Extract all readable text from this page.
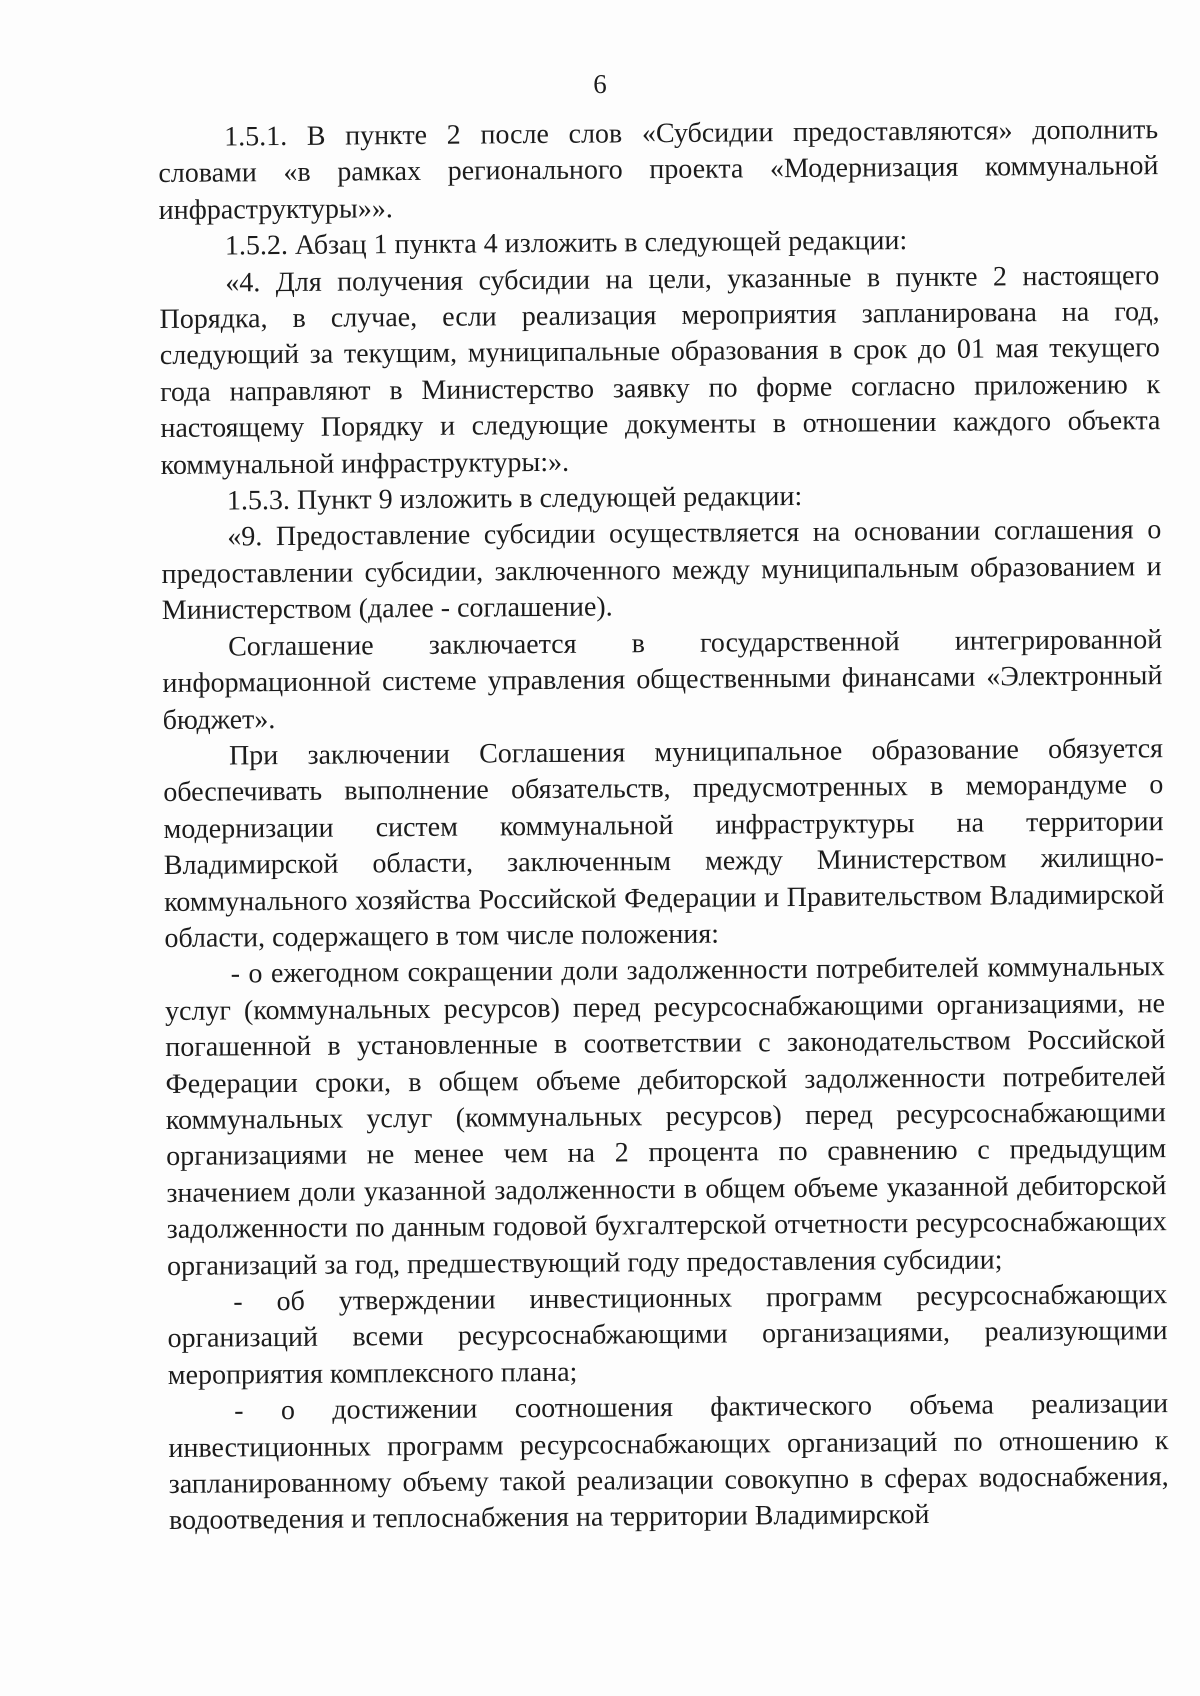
6

1.5.1. В пункте 2 после слов «Субсидии предоставляются» дополнить словами «в рамках регионального проекта «Модернизация коммунальной инфраструктуры»».

1.5.2. Абзац 1 пункта 4 изложить в следующей редакции:

«4. Для получения субсидии на цели, указанные в пункте 2 настоящего Порядка, в случае, если реализация мероприятия запланирована на год, следующий за текущим, муниципальные образования в срок до 01 мая текущего года направляют в Министерство заявку по форме согласно приложению к настоящему Порядку и следующие документы в отношении каждого объекта коммунальной инфраструктуры:».

1.5.3. Пункт 9 изложить в следующей редакции:

«9. Предоставление субсидии осуществляется на основании соглашения о предоставлении субсидии, заключенного между муниципальным образованием и Министерством (далее - соглашение).

Соглашение заключается в государственной интегрированной информационной системе управления общественными финансами «Электронный бюджет».

При заключении Соглашения муниципальное образование обязуется обеспечивать выполнение обязательств, предусмотренных в меморандуме о модернизации систем коммунальной инфраструктуры на территории Владимирской области, заключенным между Министерством жилищно-коммунального хозяйства Российской Федерации и Правительством Владимирской области, содержащего в том числе положения:

- о ежегодном сокращении доли задолженности потребителей коммунальных услуг (коммунальных ресурсов) перед ресурсоснабжающими организациями, не погашенной в установленные в соответствии с законодательством Российской Федерации сроки, в общем объеме дебиторской задолженности потребителей коммунальных услуг (коммунальных ресурсов) перед ресурсоснабжающими организациями не менее чем на 2 процента по сравнению с предыдущим значением доли указанной задолженности в общем объеме указанной дебиторской задолженности по данным годовой бухгалтерской отчетности ресурсоснабжающих организаций за год, предшествующий году предоставления субсидии;

- об утверждении инвестиционных программ ресурсоснабжающих организаций всеми ресурсоснабжающими организациями, реализующими мероприятия комплексного плана;

- о достижении соотношения фактического объема реализации инвестиционных программ ресурсоснабжающих организаций по отношению к запланированному объему такой реализации совокупно в сферах водоснабжения, водоотведения и теплоснабжения на территории Владимирской
